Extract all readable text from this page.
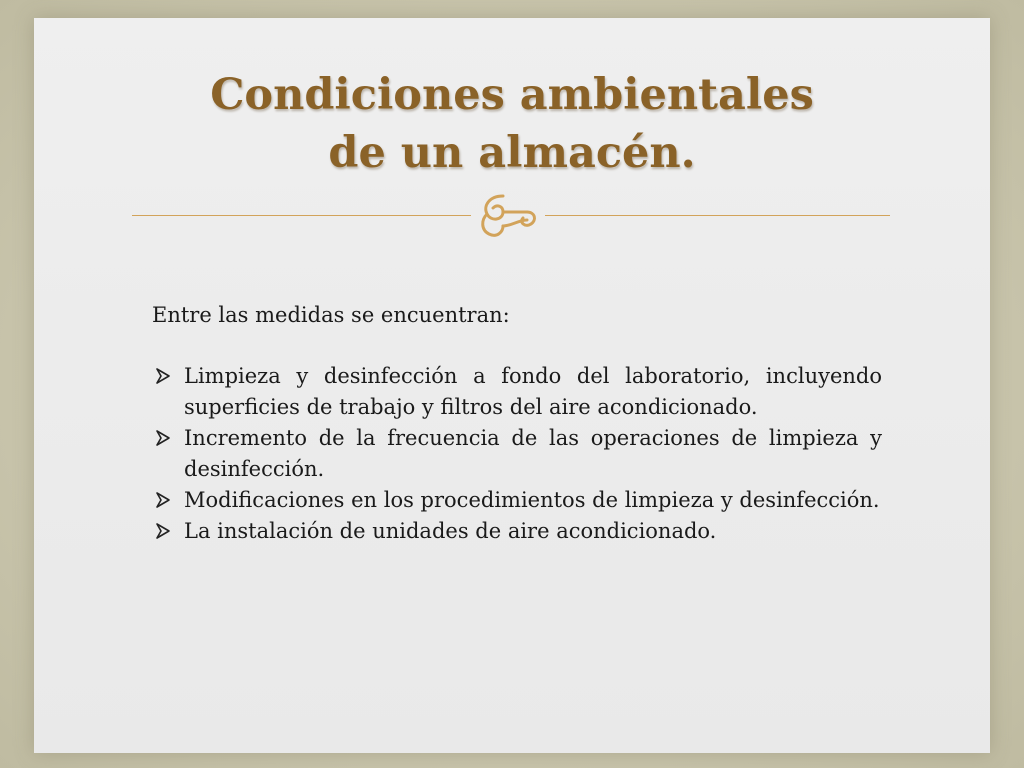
Condiciones ambientales
de un almacén.

Entre las medidas se encuentran:

Limpieza y desinfección a fondo del laboratorio, incluyendo superficies de trabajo y filtros del aire acondicionado.
Incremento de la frecuencia de las operaciones de limpieza y desinfección.
Modificaciones en los procedimientos de limpieza y desinfección.
La instalación de unidades de aire acondicionado.
